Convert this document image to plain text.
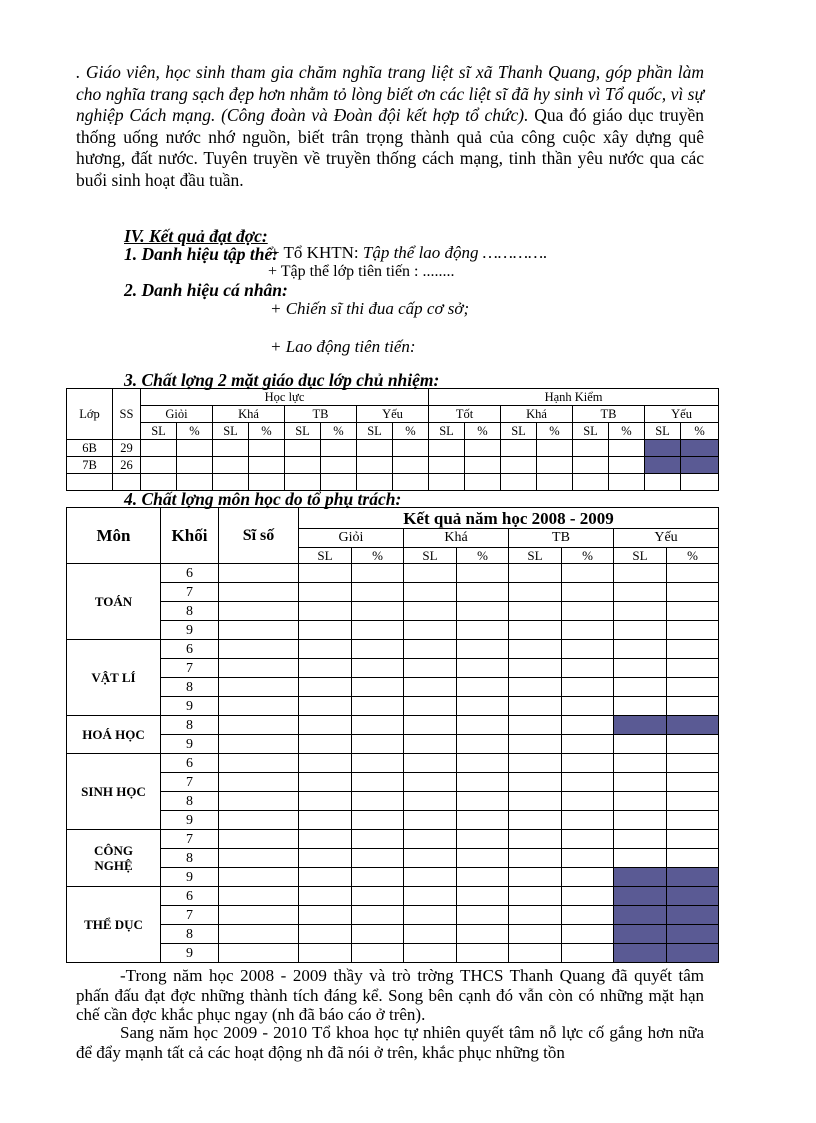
. Giáo viên, học sinh tham gia chăm nghĩa trang liệt sĩ xã Thanh Quang, góp phần làm cho nghĩa trang sạch đẹp hơn nhằm tỏ lòng biết ơn các liệt sĩ đã hy sinh vì Tổ quốc, vì sự nghiệp Cách mạng. (Công đoàn và Đoàn đội kết hợp tổ chức). Qua đó giáo dục truyền thống uống nước nhớ nguồn, biết trân trọng thành quả của công cuộc xây dựng quê hương, đất nước. Tuyên truyền về truyền thống cách mạng, tinh thần yêu nước qua các buổi sinh hoạt đầu tuần.
IV. Kết quả đạt đợc:
1. Danh hiệu tập thể:
+ Tổ KHTN: Tập thể lao động ………….
+ Tập thể lớp tiên tiến : ........
2. Danh hiệu cá nhân:
+ Chiến sĩ thi đua cấp cơ sở;
+ Lao động tiên tiến:
3. Chất lợng 2 mặt giáo dục lớp chủ nhiệm:
Lớp	SS	Học lực								Hạnh Kiểm							
		Giỏi		Khá		TB		Yếu		Tốt		Khá		TB		Yếu	
		SL	%	SL	%	SL	%	SL	%	SL	%	SL	%	SL	%	SL	%
6B	29																
7B	26																

4. Chất lợng môn học do tổ phụ trách:
Môn	Khối	Sĩ số	Kết quả năm học 2008 - 2009							
			Giỏi		Khá		TB		Yếu	
			SL	%	SL	%	SL	%	SL	%
TOÁN	6									
	7									
	8									
	9									
VẬT LÍ	6									
	7									
	8									
	9									
HOÁ HỌC	8									
	9									
SINH HỌC	6									
	7									
	8									
	9									
CÔNG NGHỆ	7									
	8									
	9									
THỂ DỤC	6									
	7									
	8									
	9									
-Trong năm học 2008 - 2009 thầy và trò trờng THCS Thanh Quang đã quyết tâm phấn đấu đạt đợc những thành tích đáng kể. Song bên cạnh đó vẫn còn có những mặt hạn chế cần đợc khắc phục ngay (nh đã báo cáo ở trên).
Sang năm học 2009 - 2010 Tổ khoa học tự nhiên quyết tâm nỗ lực cố gắng hơn nữa để đẩy mạnh tất cả các hoạt động nh đã nói ở trên, khắc phục những tồn
